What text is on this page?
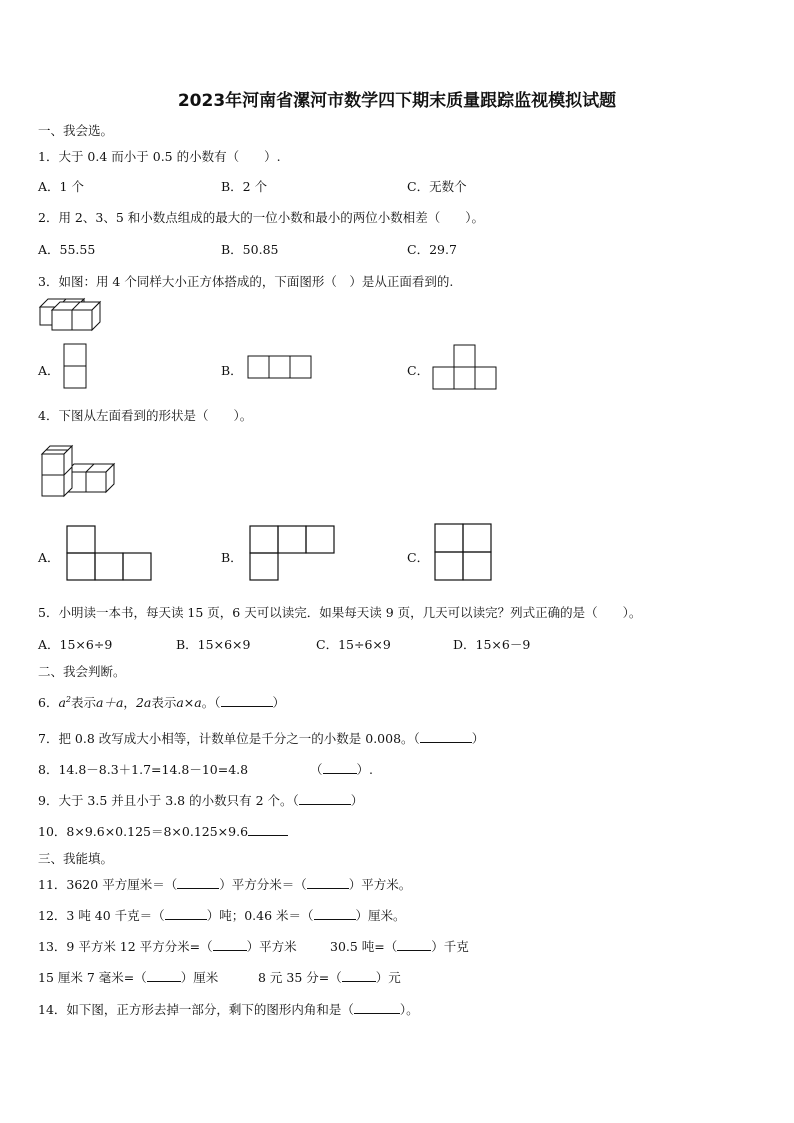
2023年河南省漯河市数学四下期末质量跟踪监视模拟试题
一、我会选。
1．大于 0.4 而小于 0.5 的小数有（　　）.
A．1 个	B．2 个	C．无数个
2．用 2、3、5 和小数点组成的最大的一位小数和最小的两位小数相差（　　）。
A．55.55	B．50.85	C．29.7
3．如图：用 4 个同样大小正方体搭成的，下面图形（　）是从正面看到的.
A．	B．	C．
4．下图从左面看到的形状是（　　）。
A．	B．	C．
5．小明读一本书，每天读 15 页，6 天可以读完．如果每天读 9 页，几天可以读完？列式正确的是（　　）。
A．15×6÷9	B．15×6×9	C．15÷6×9	D．15×6－9
二、我会判断。
6．$a^2$表示a＋a，2a表示a×a。（	）
7．把 0.8 改写成大小相等，计数单位是千分之一的小数是 0.008。（	）
8．14.8－8.3＋1.7=14.8－10=4.8	（	）.
9．大于 3.5 并且小于 3.8 的小数只有 2 个。（	）
10．8×9.6×0.125＝8×0.125×9.6
三、我能填。
11．3620 平方厘米＝（	）平方分米＝（	）平方米。
12．3 吨 40 千克＝（	）吨；0.46 米＝（	）厘米。
13．9 平方米 12 平方分米=（	）平方米	30.5 吨=（	）千克
15 厘米 7 毫米=（	）厘米	8 元 35 分=（	）元
14．如下图，正方形去掉一部分，剩下的图形内角和是（	）。
